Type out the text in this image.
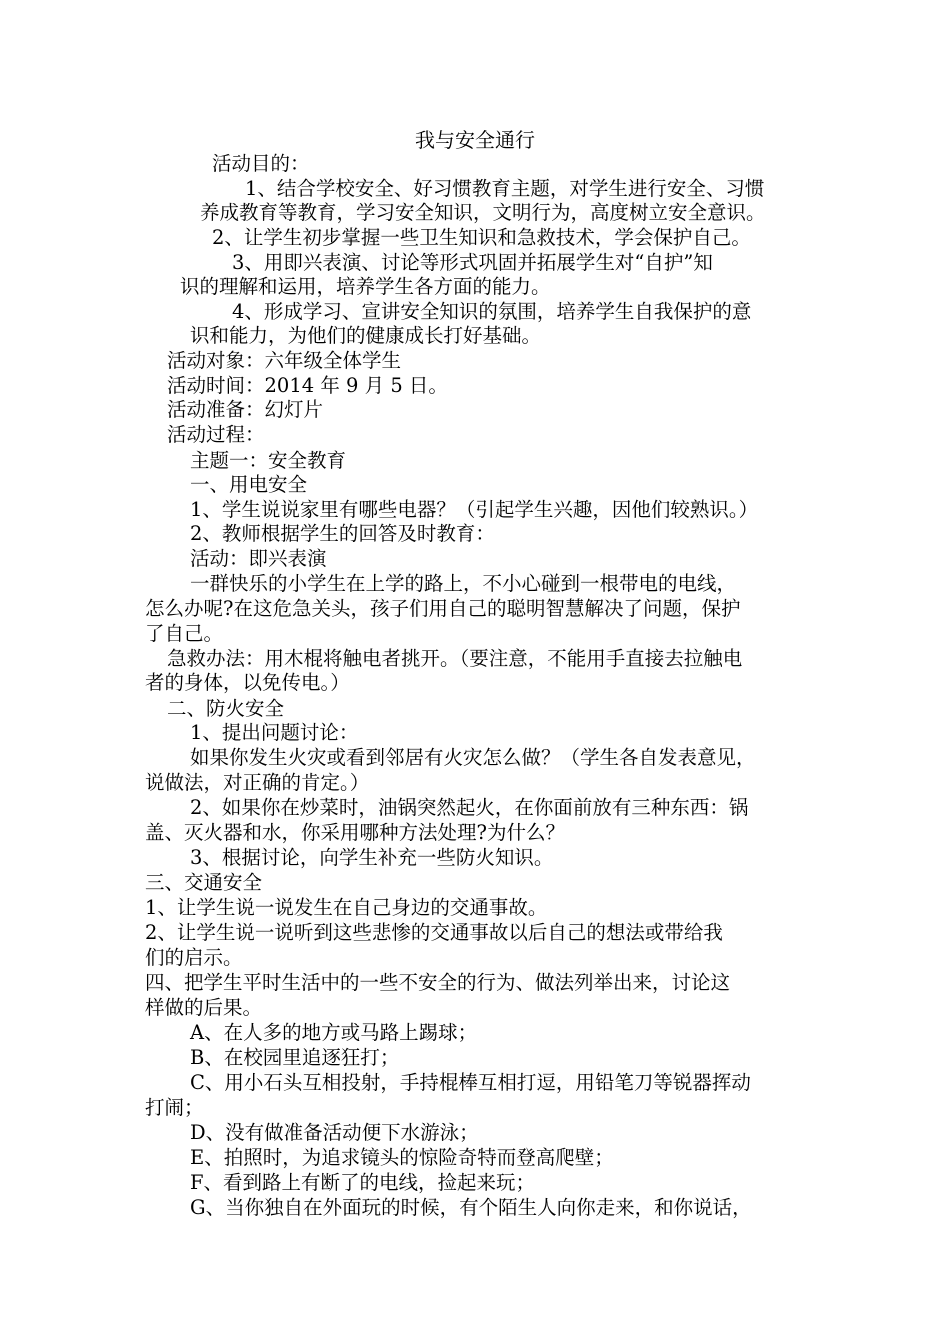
我与安全通行

活动目的：

1、结合学校安全、好习惯教育主题，对学生进行安全、习惯

养成教育等教育，学习安全知识，文明行为，高度树立安全意识。

2、让学生初步掌握一些卫生知识和急救技术，学会保护自己。

3、用即兴表演、讨论等形式巩固并拓展学生对“自护”知

识的理解和运用，培养学生各方面的能力。

4、形成学习、宣讲安全知识的氛围，培养学生自我保护的意

识和能力，为他们的健康成长打好基础。

活动对象：六年级全体学生

活动时间：2014 年 9 月 5 日。

活动准备：幻灯片

活动过程：

主题一：安全教育

一、用电安全

1、学生说说家里有哪些电器？（引起学生兴趣，因他们较熟识。）

2、教师根据学生的回答及时教育：

活动：即兴表演

一群快乐的小学生在上学的路上，不小心碰到一根带电的电线，

怎么办呢?在这危急关头，孩子们用自己的聪明智慧解决了问题，保护

了自己。

急救办法：用木棍将触电者挑开。（要注意，不能用手直接去拉触电

者的身体，以免传电。）

二、防火安全

1、提出问题讨论：

如果你发生火灾或看到邻居有火灾怎么做？（学生各自发表意见，

说做法，对正确的肯定。）

2、如果你在炒菜时，油锅突然起火，在你面前放有三种东西：锅

盖、灭火器和水，你采用哪种方法处理?为什么？

3、根据讨论，向学生补充一些防火知识。

三、交通安全

1、让学生说一说发生在自己身边的交通事故。

2、让学生说一说听到这些悲惨的交通事故以后自己的想法或带给我

们的启示。

四、把学生平时生活中的一些不安全的行为、做法列举出来，讨论这

样做的后果。

A、在人多的地方或马路上踢球；

B、在校园里追逐狂打；

C、用小石头互相投射，手持棍棒互相打逗，用铅笔刀等锐器挥动

打闹；

D、没有做准备活动便下水游泳；

E、拍照时，为追求镜头的惊险奇特而登高爬壁；

F、看到路上有断了的电线，捡起来玩；

G、当你独自在外面玩的时候，有个陌生人向你走来，和你说话，
